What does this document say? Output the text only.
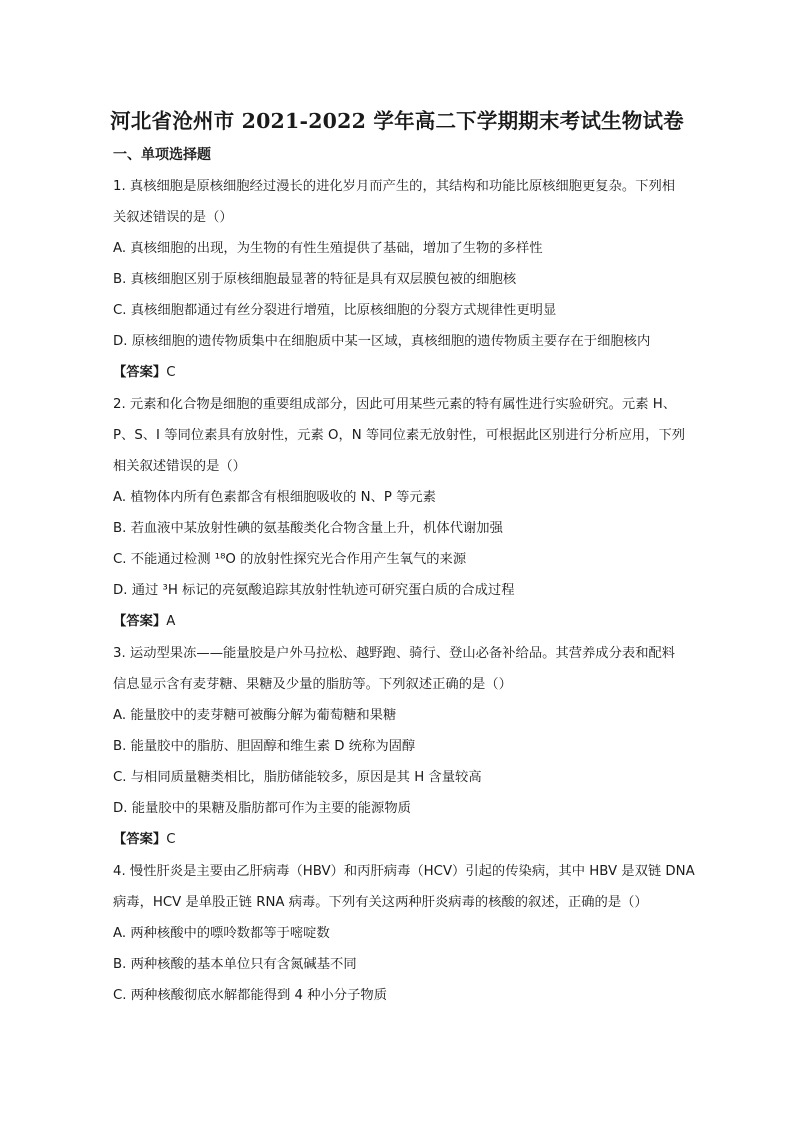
河北省沧州市 2021-2022 学年高二下学期期末考试生物试卷
一、单项选择题
1. 真核细胞是原核细胞经过漫长的进化岁月而产生的，其结构和功能比原核细胞更复杂。下列相
关叙述错误的是（）
A. 真核细胞的出现，为生物的有性生殖提供了基础，增加了生物的多样性
B. 真核细胞区别于原核细胞最显著的特征是具有双层膜包被的细胞核
C. 真核细胞都通过有丝分裂进行增殖，比原核细胞的分裂方式规律性更明显
D. 原核细胞的遗传物质集中在细胞质中某一区域，真核细胞的遗传物质主要存在于细胞核内
【答案】C
2. 元素和化合物是细胞的重要组成部分，因此可用某些元素的特有属性进行实验研究。元素 H、
P、S、I 等同位素具有放射性，元素 O，N 等同位素无放射性，可根据此区别进行分析应用，下列
相关叙述错误的是（）
A. 植物体内所有色素都含有根细胞吸收的 N、P 等元素
B. 若血液中某放射性碘的氨基酸类化合物含量上升，机体代谢加强
C. 不能通过检测 ¹⁸O 的放射性探究光合作用产生氧气的来源
D. 通过 ³H 标记的亮氨酸追踪其放射性轨迹可研究蛋白质的合成过程
【答案】A
3. 运动型果冻——能量胶是户外马拉松、越野跑、骑行、登山必备补给品。其营养成分表和配料
信息显示含有麦芽糖、果糖及少量的脂肪等。下列叙述正确的是（）
A. 能量胶中的麦芽糖可被酶分解为葡萄糖和果糖
B. 能量胶中的脂肪、胆固醇和维生素 D 统称为固醇
C. 与相同质量糖类相比，脂肪储能较多，原因是其 H 含量较高
D. 能量胶中的果糖及脂肪都可作为主要的能源物质
【答案】C
4. 慢性肝炎是主要由乙肝病毒（HBV）和丙肝病毒（HCV）引起的传染病，其中 HBV 是双链 DNA
病毒，HCV 是单股正链 RNA 病毒。下列有关这两种肝炎病毒的核酸的叙述，正确的是（）
A. 两种核酸中的嘌呤数都等于嘧啶数
B. 两种核酸的基本单位只有含氮碱基不同
C. 两种核酸彻底水解都能得到 4 种小分子物质
